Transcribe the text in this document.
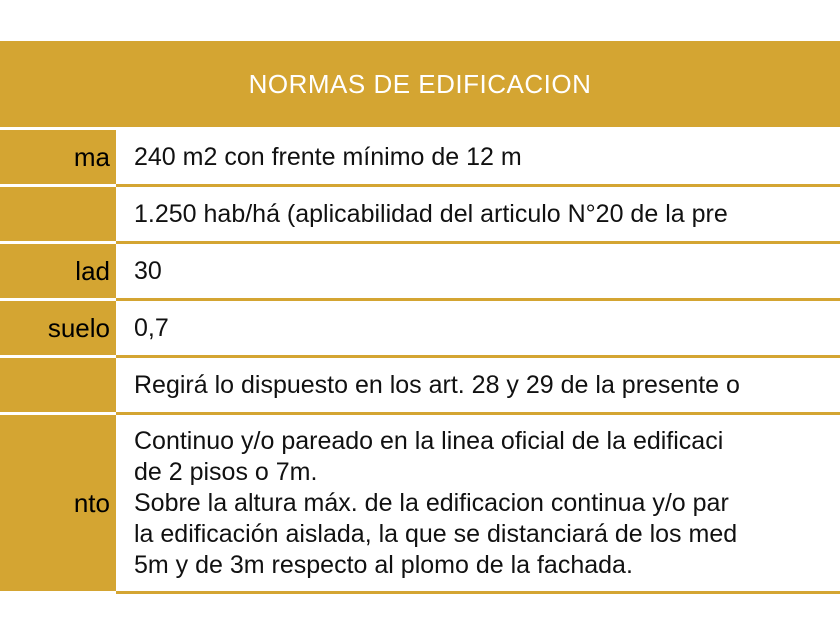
NORMAS DE EDIFICACION
ma 240 m2 con frente mínimo de 12 m
1.250 hab/há (aplicabilidad del articulo N°20 de la pre
lad 30
suelo 0,7
Regirá lo dispuesto en los art. 28 y 29 de la presente o
nto
Continuo y/o pareado en la linea oficial de la edificaci
de 2 pisos o 7m.
Sobre la altura máx. de la edificacion continua y/o par
la edificación aislada, la que se distanciará de los med
5m y de 3m respecto al plomo de la fachada.
